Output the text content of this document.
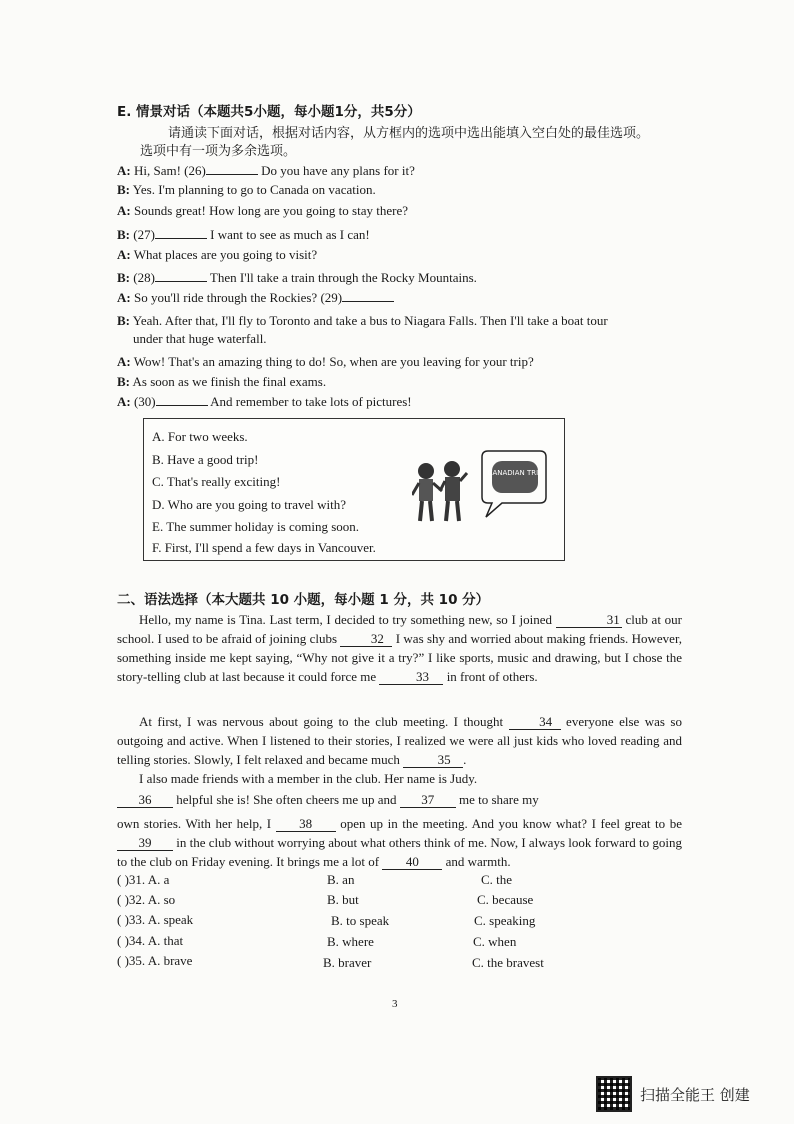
E. 情景对话（本题共5小题，每小题1分，共5分）
请通读下面对话，根据对话内容，从方框内的选项中选出能填入空白处的最佳选项。
选项中有一项为多余选项。
A: Hi, Sam! (26)	Do you have any plans for it?
B: Yes. I'm planning to go to Canada on vacation.
A: Sounds great! How long are you going to stay there?
B: (27)	I want to see as much as I can!
A: What places are you going to visit?
B: (28)	Then I'll take a train through the Rocky Mountains.
A: So you'll ride through the Rockies? (29)
B: Yeah. After that, I'll fly to Toronto and take a bus to Niagara Falls. Then I'll take a boat tour
under that huge waterfall.
A: Wow! That's an amazing thing to do! So, when are you leaving for your trip?
B: As soon as we finish the final exams.
A: (30)	And remember to take lots of pictures!
A. For two weeks.
B. Have a good trip!
C. That's really exciting!
D. Who are you going to travel with?
E. The summer holiday is coming soon.
F. First, I'll spend a few days in Vancouver.
CANADIAN TRIP
二、语法选择（本大题共 10 小题，每小题 1 分，共 10 分）
Hello, my name is Tina. Last term, I decided to try something new, so I joined	31 club at our school. I used to be afraid of joining clubs 32 I was shy and worried about making friends. However, something inside me kept saying, “Why not give it a try?” I like sports, music and drawing, but I chose the story-telling club at last because it could force me	33 in front of others.
At first, I was nervous about going to the club meeting. I thought 34 everyone else was so outgoing and active. When I listened to their stories, I realized we were all just kids who loved reading and telling stories. Slowly, I felt relaxed and became much	35 .
I also made friends with a member in the club. Her name is Judy.
36 helpful she is! She often cheers me up and 37 me to share my
own stories. With her help, I 38 open up in the meeting. And you know what? I feel great to be 39 in the club without worrying about what others think of me. Now, I always look forward to going to the club on Friday evening. It brings me a lot of 40 and warmth.
( )31. A. a	B. an	C. the
( )32. A. so	B. but	C. because
( )33. A. speak	B. to speak	C. speaking
( )34. A. that	B. where	C. when
( )35. A. brave	B. braver	C. the bravest
3
扫描全能王 创建
